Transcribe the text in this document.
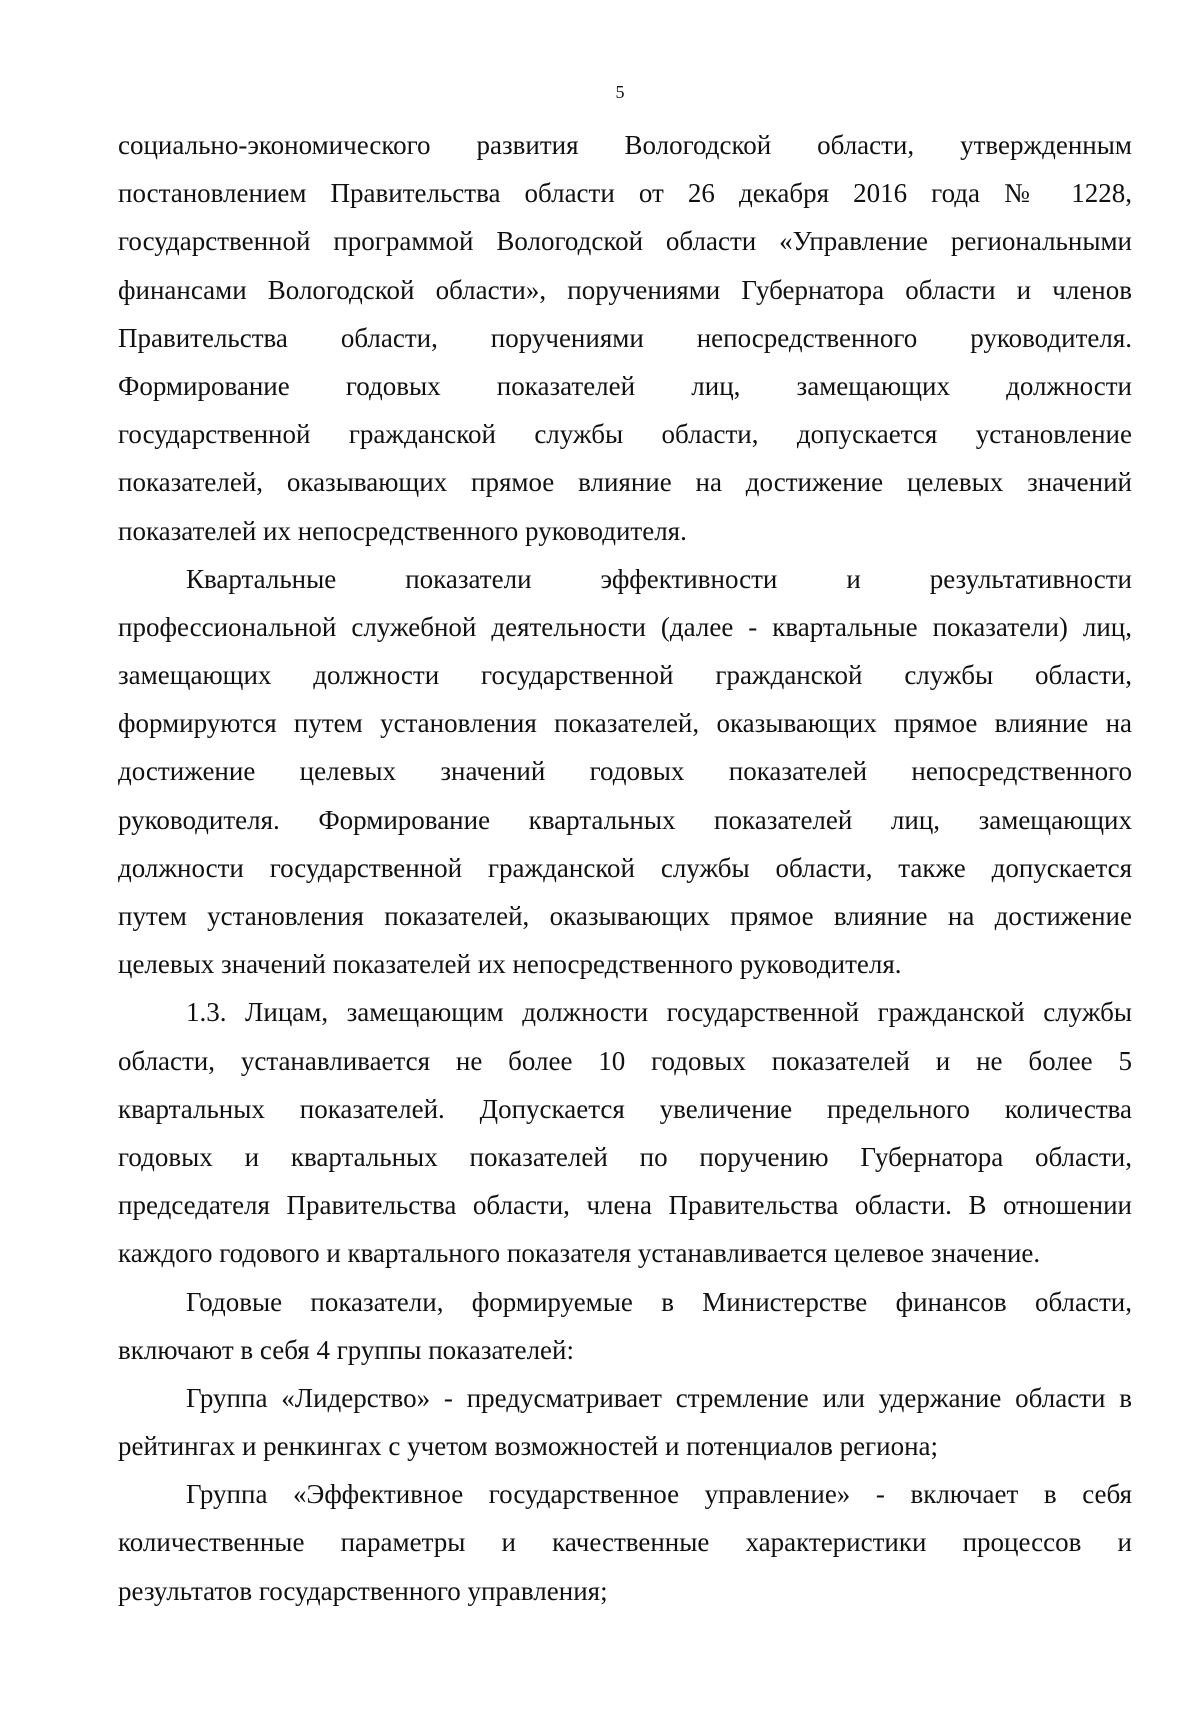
5
социально-экономического развития Вологодской области, утвержденным
постановлением Правительства области от 26 декабря 2016 года № 1228,
государственной программой Вологодской области «Управление региональными
финансами Вологодской области», поручениями Губернатора области и членов
Правительства области, поручениями непосредственного руководителя.
Формирование годовых показателей лиц, замещающих должности
государственной гражданской службы области, допускается установление
показателей, оказывающих прямое влияние на достижение целевых значений
показателей их непосредственного руководителя.
Квартальные показатели эффективности и результативности
профессиональной служебной деятельности (далее - квартальные показатели) лиц,
замещающих должности государственной гражданской службы области,
формируются путем установления показателей, оказывающих прямое влияние на
достижение целевых значений годовых показателей непосредственного
руководителя. Формирование квартальных показателей лиц, замещающих
должности государственной гражданской службы области, также допускается
путем установления показателей, оказывающих прямое влияние на достижение
целевых значений показателей их непосредственного руководителя.
1.3. Лицам, замещающим должности государственной гражданской службы
области, устанавливается не более 10 годовых показателей и не более 5
квартальных показателей. Допускается увеличение предельного количества
годовых и квартальных показателей по поручению Губернатора области,
председателя Правительства области, члена Правительства области. В отношении
каждого годового и квартального показателя устанавливается целевое значение.
Годовые показатели, формируемые в Министерстве финансов области,
включают в себя 4 группы показателей:
Группа «Лидерство» - предусматривает стремление или удержание области в
рейтингах и ренкингах с учетом возможностей и потенциалов региона;
Группа «Эффективное государственное управление» - включает в себя
количественные параметры и качественные характеристики процессов и
результатов государственного управления;
